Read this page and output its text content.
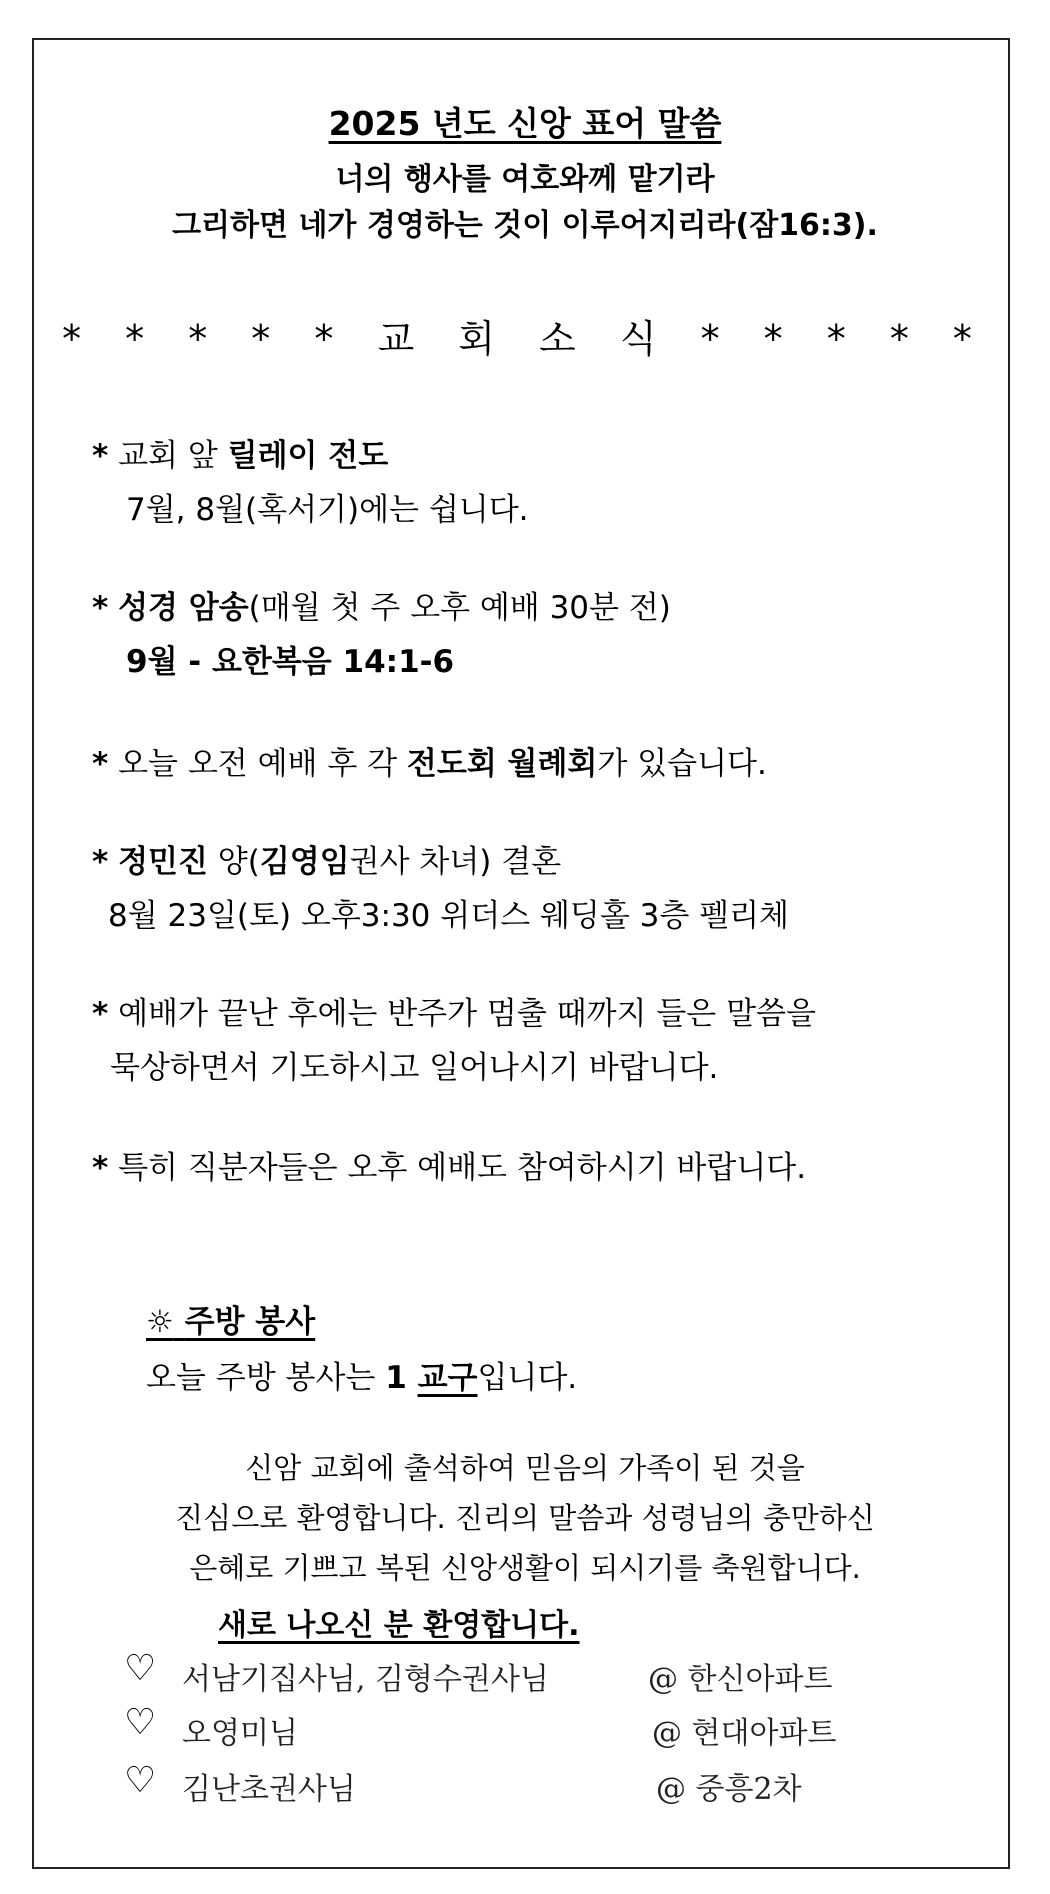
2025 년도 신앙 표어 말씀
너의 행사를 여호와께 맡기라
그리하면 네가 경영하는 것이 이루어지리라(잠16:3).
* * * * * 교 회 소 식 * * * * *
* 교회 앞 릴레이 전도
7월, 8월(혹서기)에는 쉽니다.
* 성경 암송(매월 첫 주 오후 예배 30분 전)
9월 - 요한복음 14:1-6
* 오늘 오전 예배 후 각 전도회 월례회가 있습니다.
* 정민진 양(김영임권사 차녀) 결혼
8월 23일(토) 오후3:30 위더스 웨딩홀 3층 펠리체
* 예배가 끝난 후에는 반주가 멈출 때까지 들은 말씀을
묵상하면서 기도하시고 일어나시기 바랍니다.
* 특히 직분자들은 오후 예배도 참여하시기 바랍니다.
☼ 주방 봉사
오늘 주방 봉사는 1 교구입니다.
신암 교회에 출석하여 믿음의 가족이 된 것을
진심으로 환영합니다. 진리의 말씀과 성령님의 충만하신
은혜로 기쁘고 복된 신앙생활이 되시기를 축원합니다.
새로 나오신 분 환영합니다.
♡ 서남기집사님, 김형수권사님	@ 한신아파트
♡ 오영미님	@ 현대아파트
♡ 김난초권사님	@ 중흥2차
